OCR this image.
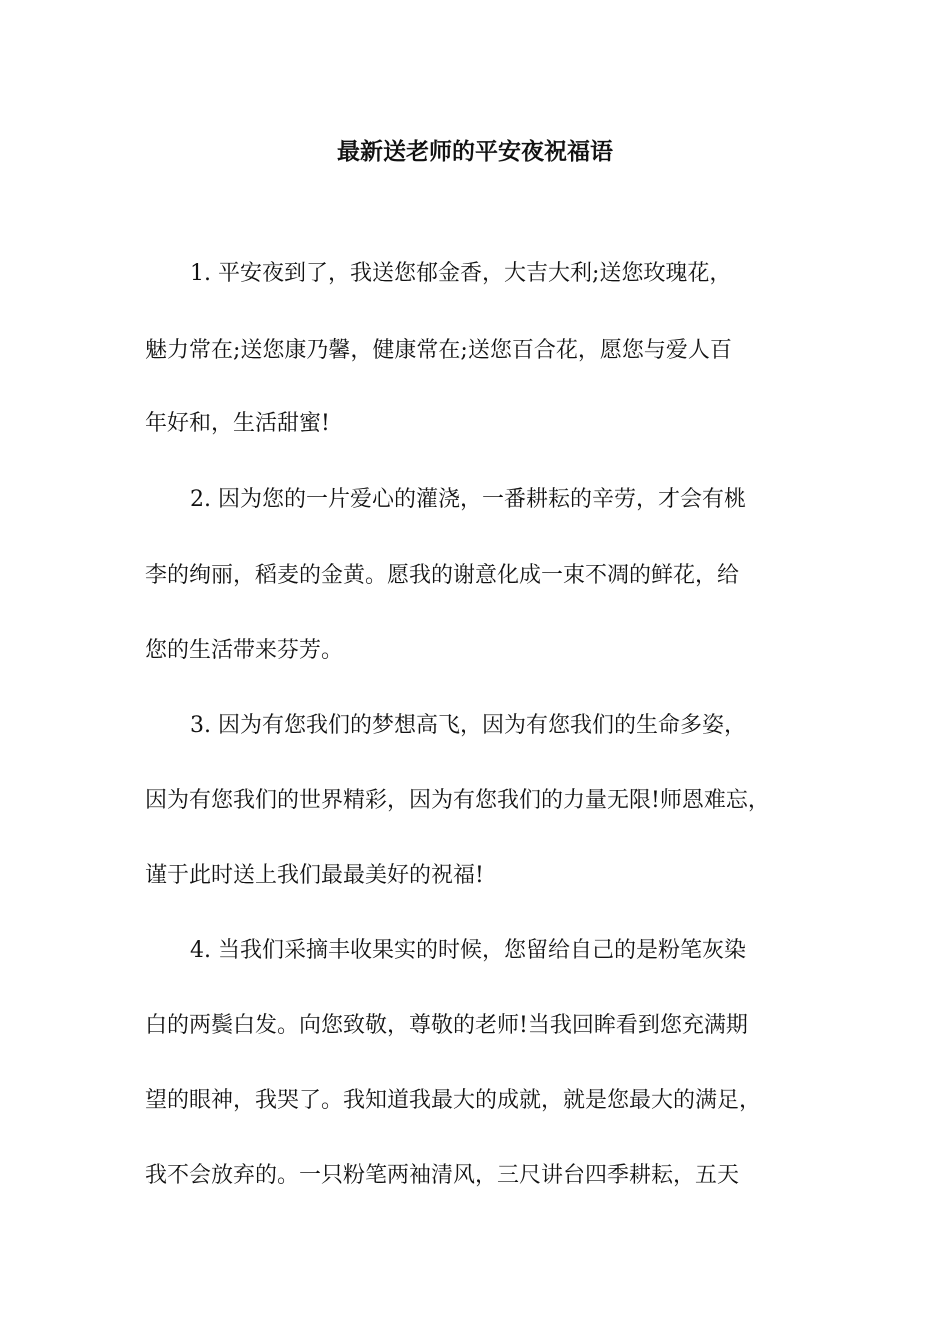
最新送老师的平安夜祝福语

1. 平安夜到了，我送您郁金香，大吉大利;送您玫瑰花，

魅力常在;送您康乃馨，健康常在;送您百合花，愿您与爱人百

年好和，生活甜蜜!

2. 因为您的一片爱心的灌浇，一番耕耘的辛劳，才会有桃

李的绚丽，稻麦的金黄。愿我的谢意化成一束不凋的鲜花，给

您的生活带来芬芳。

3. 因为有您我们的梦想高飞，因为有您我们的生命多姿，

因为有您我们的世界精彩，因为有您我们的力量无限!师恩难忘，

谨于此时送上我们最最美好的祝福!

4. 当我们采摘丰收果实的时候，您留给自己的是粉笔灰染

白的两鬓白发。向您致敬，尊敬的老师!当我回眸看到您充满期

望的眼神，我哭了。我知道我最大的成就，就是您最大的满足，

我不会放弃的。一只粉笔两袖清风，三尺讲台四季耕耘，五天
